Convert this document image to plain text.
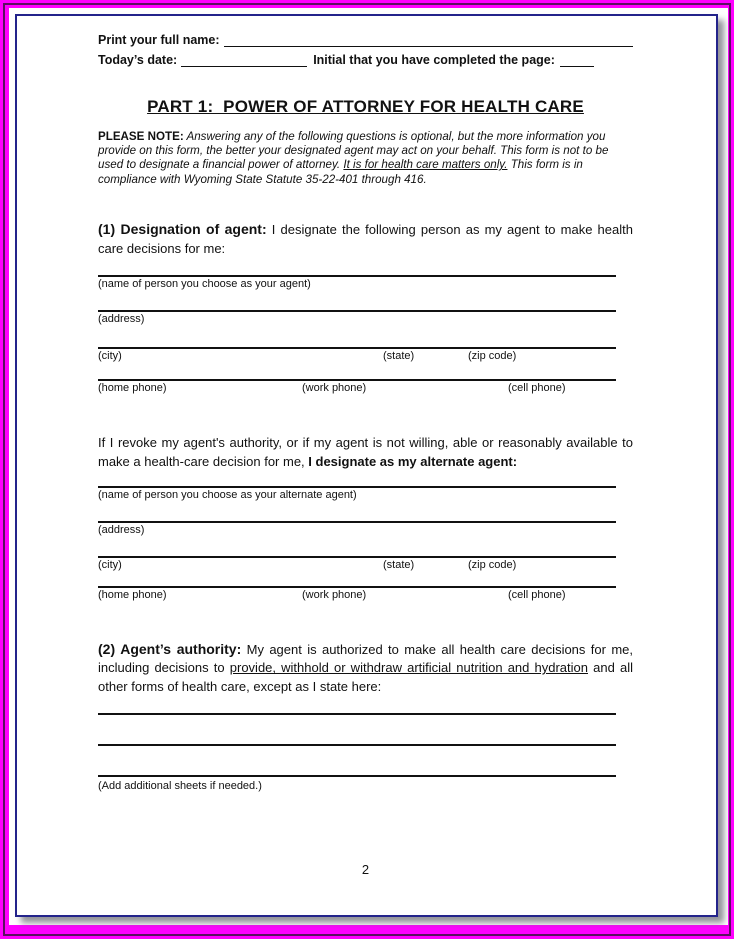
Print your full name:
Today’s date:	Initial that you have completed the page:
PART 1:  POWER OF ATTORNEY FOR HEALTH CARE

PLEASE NOTE: Answering any of the following questions is optional, but the more information you provide on this form, the better your designated agent may act on your behalf. This form is not to be used to designate a financial power of attorney. It is for health care matters only. This form is in compliance with Wyoming State Statute 35-22-401 through 416.

(1) Designation of agent: I designate the following person as my agent to make health care decisions for me:

(name of person you choose as your agent)
(address)
(city)	(state)	(zip code)
(home phone)	(work phone)	(cell phone)

If I revoke my agent's authority, or if my agent is not willing, able or reasonably available to make a health-care decision for me, I designate as my alternate agent:

(name of person you choose as your alternate agent)
(address)
(city)	(state)	(zip code)
(home phone)	(work phone)	(cell phone)

(2) Agent’s authority: My agent is authorized to make all health care decisions for me, including decisions to provide, withhold or withdraw artificial nutrition and hydration and all other forms of health care, except as I state here:

(Add additional sheets if needed.)
2
